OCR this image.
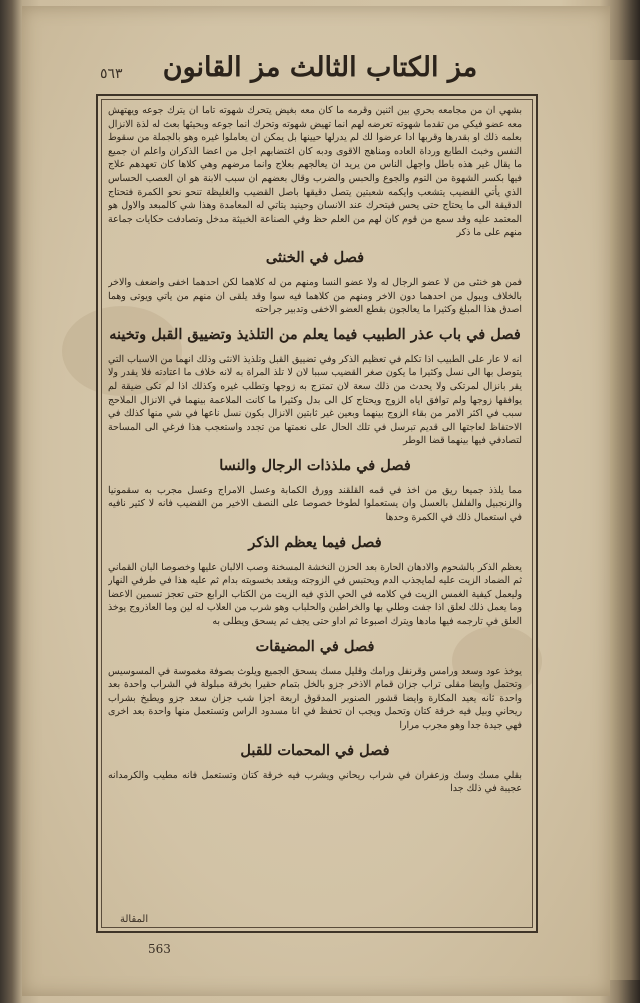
مز الكتاب الثالث مز القانون
٥٦٣

بشهي ان من مجامعه بحري بين اثنين وقرمه ما كان معه بغيض يتحرك شهوته تاما ان يترك جوعه ويهتهش معه عضو فيكي من تقدما شهوته تعرضه لهم انما تهيض شهوته وتحرك انما جوعه وبحيثها بعث له لذة الانزال بعلمه ذلك او بقدرها وقربها ادا عرضوا لك لم يدرلها حيينها بل يمكن ان يعاملوا غيره وهو بالجملة من سقوط النفس وخبث الطابع ورداة العاده ومناهج الاقوى ودبه كان اغتضابهم اجل من اعضا الذكران واعلم ان جميع ما يقال غير هذه باطل واجهل الناس من يريد ان يعالجهم بعلاج وانما مرضهم وهي كلاها كان تعهدهم علاج فيها بكسر الشهوة من التوم والجوع والحبس والضرب وقال بعضهم ان سبب الابنة هو ان العصب الحساس الذي يأتي القضيب يتشعب وايكمه شعبتين يتصل دقيقها باصل القضيب والغليظة تنحو نحو الكمرة فتحتاج الدقيقة الى ما يحتاج حتى يحس فيتحرك عند الانسان وحينيد يتاتي له المعامدة وهذا شي كالمبعد والاول هو المعتمد عليه وقد سمع من قوم كان لهم من العلم حظ وفي الصناعة الخبيثة مدخل وتصادفت حكايات جماعة منهم على ما ذكر

فصل في الخنثى

فمن هو خنثى من لا عضو الرجال له ولا عضو النسا ومنهم من له كلاهما لكن احدهما اخفى واضعف والاخر بالخلاف ويبول من احدهما دون الاخر ومنهم من كلاهما فيه سوا وقد يلقى ان منهم من ياتي ويوتى وهما اصدق هذا المبلغ وكثيرا ما يعالجون بقطع العضو الاخفى وتدبير جراحته

فصل في باب عذر الطبيب فيما يعلم من التلذيذ وتضييق القبل وتخينه

انه لا عار على الطبيب اذا تكلم في تعظيم الذكر وفي تضييق القبل وتلذيذ الانثى وذلك انهما من الاسباب التي يتوصل بها الى نسل وكثيرا ما يكون صغر القضيب سببا لان لا تلذ المراة به لانه خلاف ما اعتادته فلا يقدر ولا يقر بانزال لمرتكى ولا يحدث من ذلك سعة لان تمتزج به زوجها وتطلب غيره وكذلك اذا لم تكى ضيقة لم يوافقها زوجها ولم توافق اياه الزوج ويحتاج كل الى بدل وكثيرا ما كانت الملاعمة بينهما في الانزال الملاحج سبب في اكثر الامر من بقاء الزوج بينهما وبعين غير ثابتين الانزال بكون نسل ناعها في شي منها كذلك في الاحتفاظ لعاجتها الى قديم تبرسل في تلك الحال على نعمتها من تجدد واستعجب هذا فرغي الى المساحة لتصادفي فيها بينهما قضا الوطر

فصل في ملذذات الرجال والنسا

مما يلذذ جميعا ريق من اخذ في قمه القلقند وورق الكمابة وعسل الامراج وعسل مجرب به سقمونيا والزنجبيل والفلفل بالعسل وان يستعملوا لطوخا خصوصا على النصف الاخير من القضيب فانه لا كثير نافيه في استعمال ذلك في الكمرة وحدها

فصل فيما يعظم الذكر

يعظم الذكر بالشحوم والادهان الحارة بعد الحزن النخشة المسخنة وصب الالبان عليها وخصوصا البان القماني ثم الضماد الزيت عليه لمايجذب الدم ويحتبس في الزوجته ويقعد بخسوبته بدام ثم عليه هذا في طرفي النهار وليعمل كيفية الغمس الزيت في كلامه في الحي الذي فيه الزيت من الكتاب الرابع حتى تعجز تسمين الاعضا وما يعمل ذلك لعلق اذا جفت وطلي بها والخراطين والحلباب وهو شرب من العلاب له لين وما العاذروج يوخذ العلق في تارجمه فيها مادها ويترك اصبوعا ثم اداو حتى يجف ثم يسحق ويطلى به

فصل في المضيقات

يوخذ عود وسعد ورامس وقرنفل ورامك وقليل مسك يسحق الجميع ويلوث بصوفة مغموسة في المسوسيس وتحتمل وايضا مقلى تراب جزان قمام الاذخر جزو بالخل بتمام حقيرا بخرقة مبلولة في الشراب واحدة بعد واحدة ثانه يعيد المكارة وايضا قشور الصنوبر المدقوق اربعة اجزا شب جزان سعد جزو ويطبخ بشراب ريحاني وبيل فيه خرقة كتان وتحمل ويجب ان تحفظ في انا مسدود الراس وتستعمل منها واحدة بعد اخرى فهي جيدة جدا وهو مجرب مرارا

فصل في المحمات للقبل

بقلي مسك وسك وزعفران في شراب ريحاني ويشرب فيه خرقة كتان وتستعمل فانه مطيب والكرمدانه عجيبة في ذلك جدا

المقالة
563
